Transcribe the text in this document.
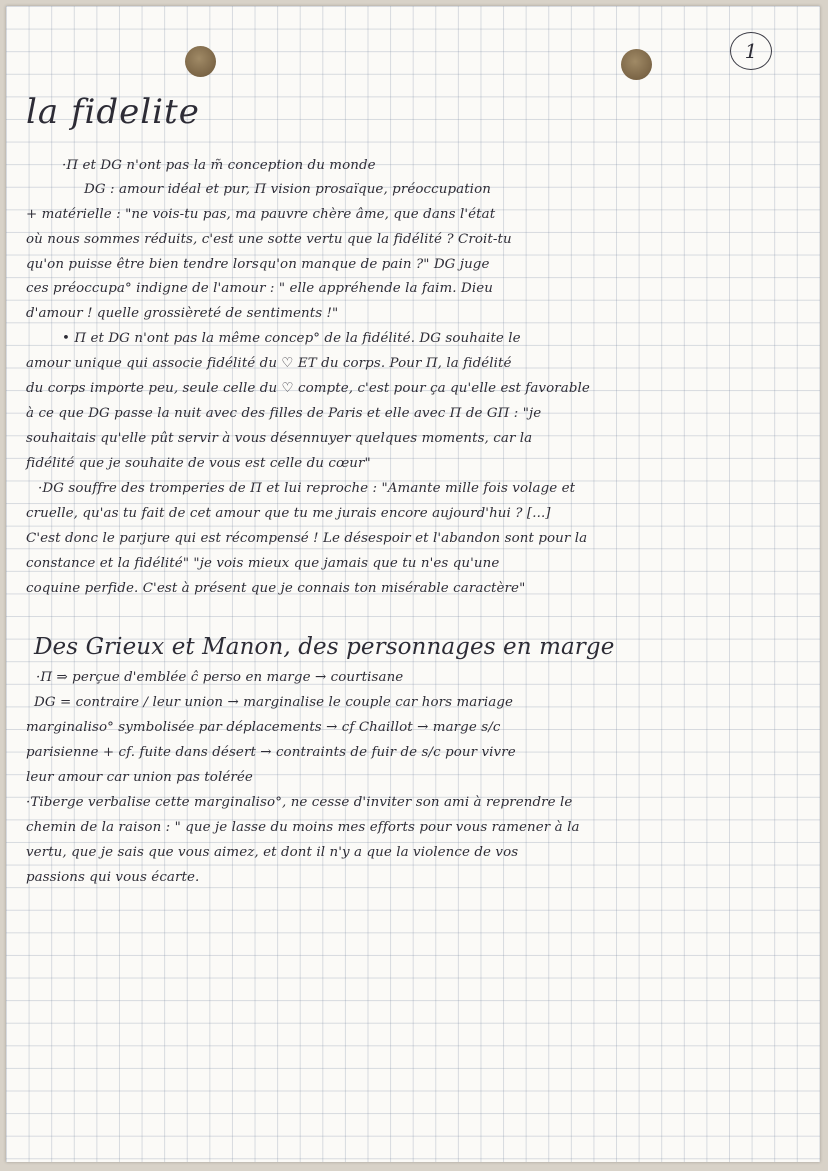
1
la fidelite
·Π et DG n'ont pas la m̃ conception du monde
DG : amour idéal et pur, Π vision prosaïque, préoccupation
+ matérielle : "ne vois-tu pas, ma pauvre chère âme, que dans l'état
où nous sommes réduits, c'est une sotte vertu que la fidélité ? Croit-tu
qu'on puisse être bien tendre lorsqu'on manque de pain ?" DG juge
ces préoccupa° indigne de l'amour : " elle appréhende la faim. Dieu
d'amour ! quelle grossièreté de sentiments !"
• Π et DG n'ont pas la même concep° de la fidélité. DG souhaite le
amour unique qui associe fidélité du ♡ ET du corps. Pour Π, la fidélité
du corps importe peu, seule celle du ♡ compte, c'est pour ça qu'elle est favorable
à ce que DG passe la nuit avec des filles de Paris et elle avec Π de GΠ : "je
souhaitais qu'elle pût servir à vous désennuyer quelques moments, car la
fidélité que je souhaite de vous est celle du cœur"
·DG souffre des tromperies de Π et lui reproche : "Amante mille fois volage et
cruelle, qu'as tu fait de cet amour que tu me jurais encore aujourd'hui ? [...]
C'est donc le parjure qui est récompensé ! Le désespoir et l'abandon sont pour la
constance et la fidélité" "je vois mieux que jamais que tu n'es qu'une
coquine perfide. C'est à présent que je connais ton misérable caractère"
Des Grieux et Manon, des personnages en marge
·Π ⇒ perçue d'emblée ĉ perso en marge → courtisane
DG = contraire / leur union → marginalise le couple car hors mariage
marginaliso° symbolisée par déplacements → cf Chaillot → marge s/c
parisienne + cf. fuite dans désert → contraints de fuir de s/c pour vivre
leur amour car union pas tolérée
·Tiberge verbalise cette marginaliso°, ne cesse d'inviter son ami à reprendre le
chemin de la raison : " que je lasse du moins mes efforts pour vous ramener à la
vertu, que je sais que vous aimez, et dont il n'y a que la violence de vos
passions qui vous écarte.
